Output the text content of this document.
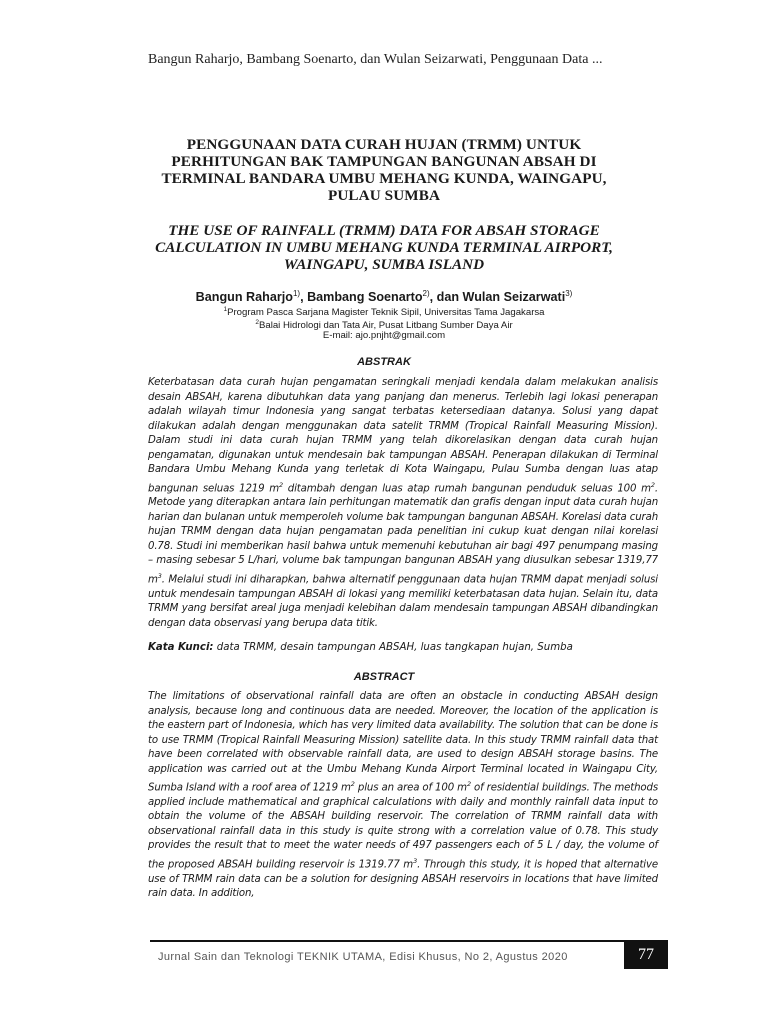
Bangun Raharjo, Bambang Soenarto, dan Wulan Seizarwati, Penggunaan Data ...
PENGGUNAAN DATA CURAH HUJAN (TRMM) UNTUK
PERHITUNGAN BAK TAMPUNGAN BANGUNAN ABSAH DI
TERMINAL BANDARA UMBU MEHANG KUNDA, WAINGAPU,
PULAU SUMBA
THE USE OF RAINFALL (TRMM) DATA FOR ABSAH STORAGE
CALCULATION IN UMBU MEHANG KUNDA TERMINAL AIRPORT,
WAINGAPU, SUMBA ISLAND
Bangun Raharjo$^{1)}$, Bambang Soenarto$^{2)}$, dan Wulan Seizarwati$^{3)}$
$^1$Program Pasca Sarjana Magister Teknik Sipil, Universitas Tama Jagakarsa
$^2$Balai Hidrologi dan Tata Air, Pusat Litbang Sumber Daya Air
E-mail: ajo.pnjht@gmail.com
ABSTRAK
Keterbatasan data curah hujan pengamatan seringkali menjadi kendala dalam melakukan analisis desain ABSAH, karena dibutuhkan data yang panjang dan menerus. Terlebih lagi lokasi penerapan adalah wilayah timur Indonesia yang sangat terbatas ketersediaan datanya. Solusi yang dapat dilakukan adalah dengan menggunakan data satelit TRMM (Tropical Rainfall Measuring Mission). Dalam studi ini data curah hujan TRMM yang telah dikorelasikan dengan data curah hujan pengamatan, digunakan untuk mendesain bak tampungan ABSAH. Penerapan dilakukan di Terminal Bandara Umbu Mehang Kunda yang terletak di Kota Waingapu, Pulau Sumba dengan luas atap bangunan seluas 1219 $m^2$ ditambah dengan luas atap rumah bangunan penduduk seluas 100 $m^2$. Metode yang diterapkan antara lain perhitungan matematik dan grafis dengan input data curah hujan harian dan bulanan untuk memperoleh volume bak tampungan bangunan ABSAH. Korelasi data curah hujan TRMM dengan data hujan pengamatan pada penelitian ini cukup kuat dengan nilai korelasi 0.78. Studi ini memberikan hasil bahwa untuk memenuhi kebutuhan air bagi 497 penumpang masing – masing sebesar 5 L/hari, volume bak tampungan bangunan ABSAH yang diusulkan sebesar 1319,77 $m^3$. Melalui studi ini diharapkan, bahwa alternatif penggunaan data hujan TRMM dapat menjadi solusi untuk mendesain tampungan ABSAH di lokasi yang memiliki keterbatasan data hujan. Selain itu, data TRMM yang bersifat areal juga menjadi kelebihan dalam mendesain tampungan ABSAH dibandingkan dengan data observasi yang berupa data titik.
Kata Kunci: data TRMM, desain tampungan ABSAH, luas tangkapan hujan, Sumba
ABSTRACT
The limitations of observational rainfall data are often an obstacle in conducting ABSAH design analysis, because long and continuous data are needed. Moreover, the location of the application is the eastern part of Indonesia, which has very limited data availability. The solution that can be done is to use TRMM (Tropical Rainfall Measuring Mission) satellite data. In this study TRMM rainfall data that have been correlated with observable rainfall data, are used to design ABSAH storage basins. The application was carried out at the Umbu Mehang Kunda Airport Terminal located in Waingapu City, Sumba Island with a roof area of 1219 $m^2$ plus an area of 100 $m^2$ of residential buildings. The methods applied include mathematical and graphical calculations with daily and monthly rainfall data input to obtain the volume of the ABSAH building reservoir. The correlation of TRMM rainfall data with observational rainfall data in this study is quite strong with a correlation value of 0.78. This study provides the result that to meet the water needs of 497 passengers each of 5 L / day, the volume of the proposed ABSAH building reservoir is 1319.77 $m^3$. Through this study, it is hoped that alternative use of TRMM rain data can be a solution for designing ABSAH reservoirs in locations that have limited rain data. In addition,
Jurnal Sain dan Teknologi TEKNIK UTAMA, Edisi Khusus, No 2, Agustus 2020	77
